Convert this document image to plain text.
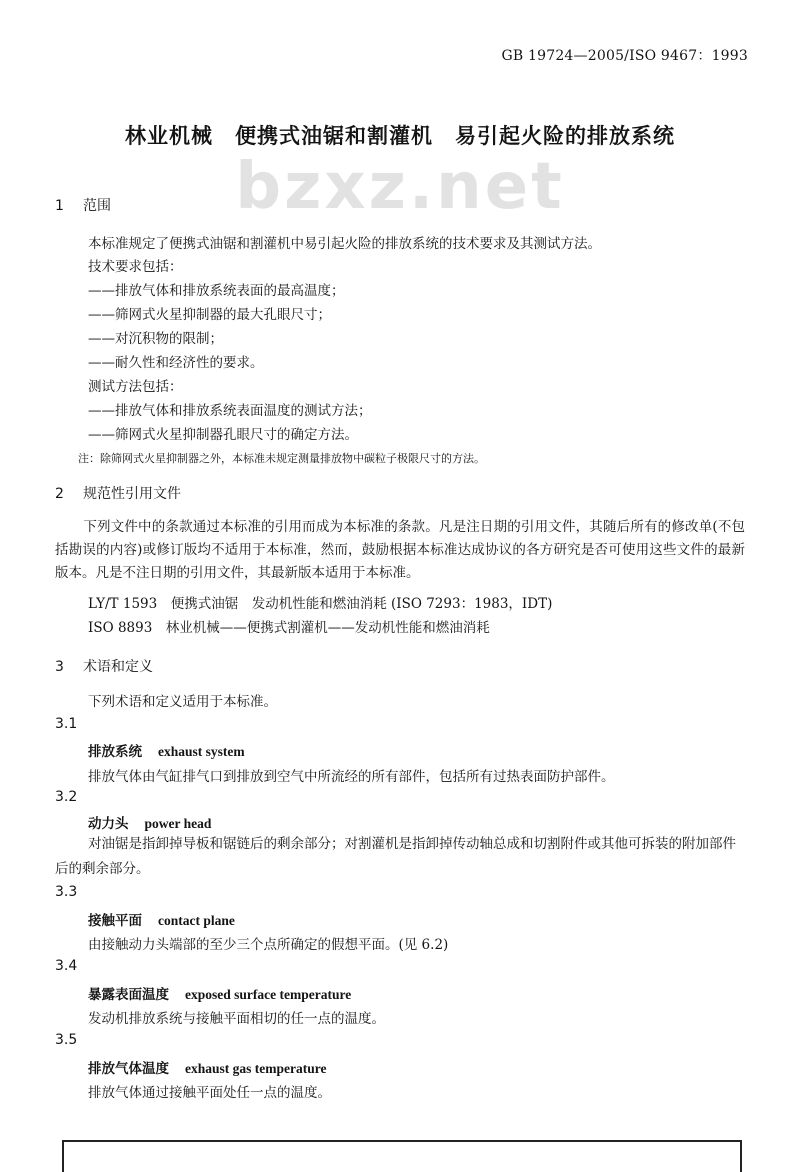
GB 19724—2005/ISO 9467：1993
bzxz.net
林业机械　便携式油锯和割灌机　易引起火险的排放系统
1 范围
本标准规定了便携式油锯和割灌机中易引起火险的排放系统的技术要求及其测试方法。
技术要求包括：
——排放气体和排放系统表面的最高温度；
——筛网式火星抑制器的最大孔眼尺寸；
——对沉积物的限制；
——耐久性和经济性的要求。
测试方法包括：
——排放气体和排放系统表面温度的测试方法；
——筛网式火星抑制器孔眼尺寸的确定方法。
注：除筛网式火星抑制器之外，本标准未规定测量排放物中碳粒子极限尺寸的方法。
2 规范性引用文件
下列文件中的条款通过本标准的引用而成为本标准的条款。凡是注日期的引用文件，其随后所有的修改单(不包括勘误的内容)或修订版均不适用于本标准，然而，鼓励根据本标准达成协议的各方研究是否可使用这些文件的最新版本。凡是不注日期的引用文件，其最新版本适用于本标准。
LY/T 1593　便携式油锯　发动机性能和燃油消耗 (ISO 7293：1983，IDT)
ISO 8893　林业机械——便携式割灌机——发动机性能和燃油消耗
3 术语和定义
下列术语和定义适用于本标准。
3.1
排放系统 exhaust system
排放气体由气缸排气口到排放到空气中所流经的所有部件，包括所有过热表面防护部件。
3.2
动力头 power head
对油锯是指卸掉导板和锯链后的剩余部分；对割灌机是指卸掉传动轴总成和切割附件或其他可拆装的附加部件后的剩余部分。
3.3
接触平面 contact plane
由接触动力头端部的至少三个点所确定的假想平面。(见 6.2)
3.4
暴露表面温度 exposed surface temperature
发动机排放系统与接触平面相切的任一点的温度。
3.5
排放气体温度 exhaust gas temperature
排放气体通过接触平面处任一点的温度。
